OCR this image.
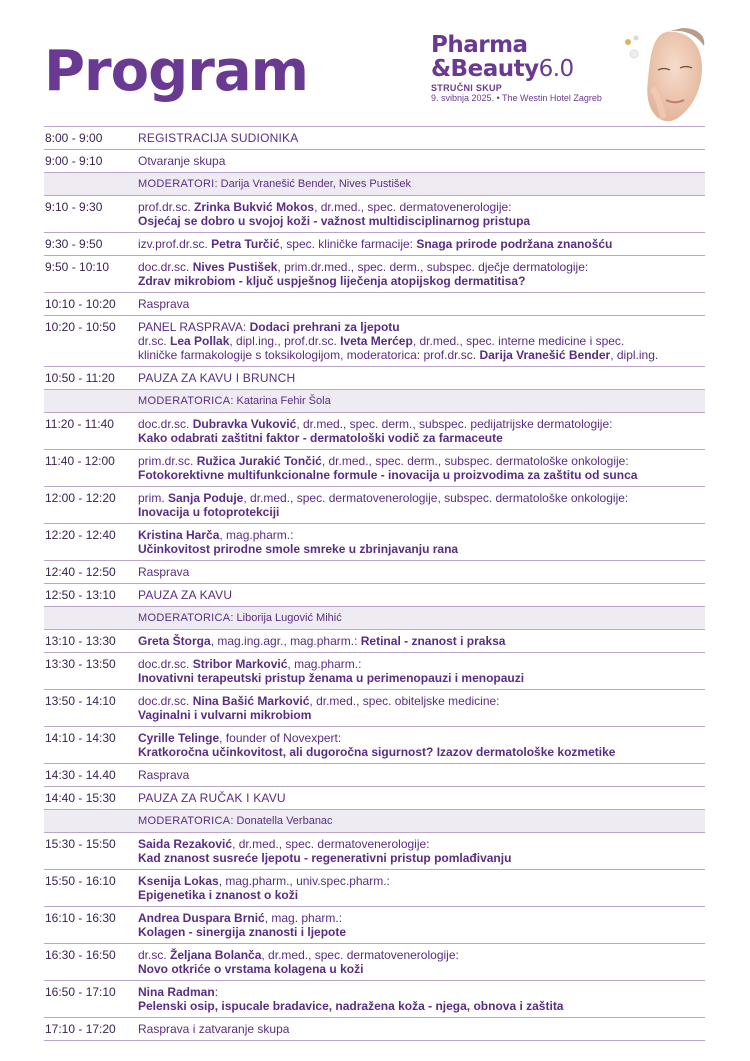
Program	Pharma
&Beauty6.0
STRUČNI SKUP
9. svibnja 2025. • The Westin Hotel Zagreb
8:00 - 9:00	REGISTRACIJA SUDIONIKA
9:00 - 9:10	Otvaranje skupa
MODERATORI: Darija Vranešić Bender, Nives Pustišek
9:10 - 9:30	prof.dr.sc. Zrinka Bukvić Mokos, dr.med., spec. dermatovenerologije:
Osjećaj se dobro u svojoj koži - važnost multidisciplinarnog pristupa
9:30 - 9:50	izv.prof.dr.sc. Petra Turčić, spec. kliničke farmacije: Snaga prirode podržana znanošću
9:50 - 10:10	doc.dr.sc. Nives Pustišek, prim.dr.med., spec. derm., subspec. dječje dermatologije:
Zdrav mikrobiom - ključ uspješnog liječenja atopijskog dermatitisa?
10:10 - 10:20	Rasprava
10:20 - 10:50	PANEL RASPRAVA: Dodaci prehrani za ljepotu
dr.sc. Lea Pollak, dipl.ing., prof.dr.sc. Iveta Merćep, dr.med., spec. interne medicine i spec.
kliničke farmakologije s toksikologijom, moderatorica: prof.dr.sc. Darija Vranešić Bender, dipl.ing.
10:50 - 11:20	PAUZA ZA KAVU I BRUNCH
MODERATORICA: Katarina Fehir Šola
11:20 - 11:40	doc.dr.sc. Dubravka Vuković, dr.med., spec. derm., subspec. pedijatrijske dermatologije:
Kako odabrati zaštitni faktor - dermatološki vodič za farmaceute
11:40 - 12:00	prim.dr.sc. Ružica Jurakić Tončić, dr.med., spec. derm., subspec. dermatološke onkologije:
Fotokorektivne multifunkcionalne formule - inovacija u proizvodima za zaštitu od sunca
12:00 - 12:20	prim. Sanja Poduje, dr.med., spec. dermatovenerologije, subspec. dermatološke onkologije:
Inovacija u fotoprotekciji
12:20 - 12:40	Kristina Harča, mag.pharm.:
Učinkovitost prirodne smole smreke u zbrinjavanju rana
12:40 - 12:50	Rasprava
12:50 - 13:10	PAUZA ZA KAVU
MODERATORICA: Liborija Lugović Mihić
13:10 - 13:30	Greta Štorga, mag.ing.agr., mag.pharm.: Retinal - znanost i praksa
13:30 - 13:50	doc.dr.sc. Stribor Marković, mag.pharm.:
Inovativni terapeutski pristup ženama u perimenopauzi i menopauzi
13:50 - 14:10	doc.dr.sc. Nina Bašić Marković, dr.med., spec. obiteljske medicine:
Vaginalni i vulvarni mikrobiom
14:10 - 14:30	Cyrille Telinge, founder of Novexpert:
Kratkoročna učinkovitost, ali dugoročna sigurnost? Izazov dermatološke kozmetike
14:30 - 14.40	Rasprava
14:40 - 15:30	PAUZA ZA RUČAK I KAVU
MODERATORICA: Donatella Verbanac
15:30 - 15:50	Saida Rezaković, dr.med., spec. dermatovenerologije:
Kad znanost susreće ljepotu - regenerativni pristup pomlađivanju
15:50 - 16:10	Ksenija Lokas, mag.pharm., univ.spec.pharm.:
Epigenetika i znanost o koži
16:10 - 16:30	Andrea Duspara Brnić, mag. pharm.:
Kolagen - sinergija znanosti i ljepote
16:30 - 16:50	dr.sc. Željana Bolanča, dr.med., spec. dermatovenerologije:
Novo otkriće o vrstama kolagena u koži
16:50 - 17:10	Nina Radman:
Pelenski osip, ispucale bradavice, nadražena koža - njega, obnova i zaštita
17:10 - 17:20	Rasprava i zatvaranje skupa
